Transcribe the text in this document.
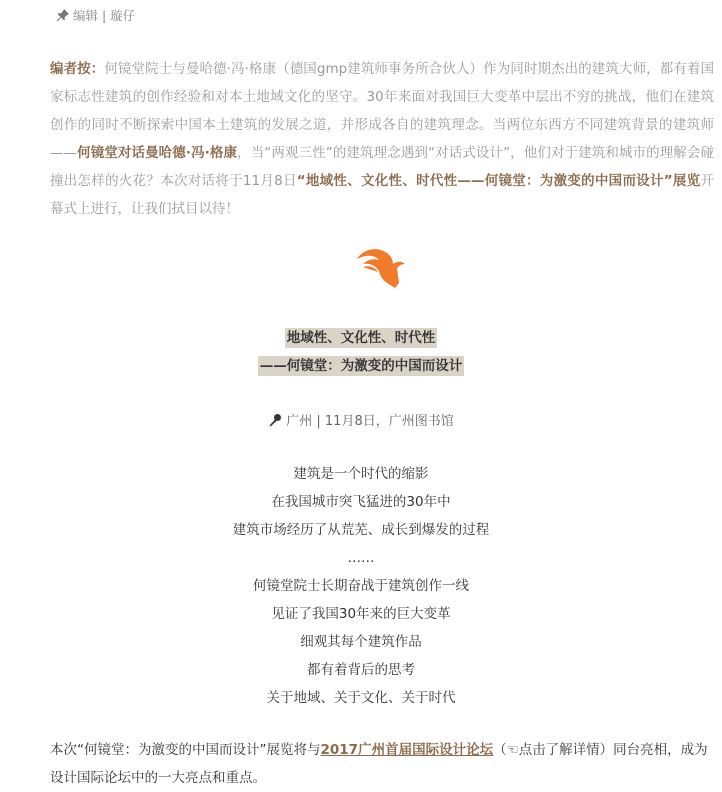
编辑 | 璇仔
编者按：何镜堂院士与曼哈德·冯·格康（德国gmp建筑师事务所合伙人）作为同时期杰出的建筑大师，都有着国家标志性建筑的创作经验和对本土地域文化的坚守。30年来面对我国巨大变革中层出不穷的挑战，他们在建筑创作的同时不断探索中国本土建筑的发展之道，并形成各自的建筑理念。当两位东西方不同建筑背景的建筑师——何镜堂对话曼哈德·冯·格康，当“两观三性”的建筑理念遇到“对话式设计”，他们对于建筑和城市的理解会碰撞出怎样的火花？本次对话将于11月8日“地域性、文化性、时代性——何镜堂：为激变的中国而设计”展览开幕式上进行，让我们拭目以待！
地域性、文化性、时代性
——何镜堂：为激变的中国而设计
广州 | 11月8日，广州图书馆
建筑是一个时代的缩影
在我国城市突飞猛进的30年中
建筑市场经历了从荒芜、成长到爆发的过程
……
何镜堂院士长期奋战于建筑创作一线
见证了我国30年来的巨大变革
细观其每个建筑作品
都有着背后的思考
关于地域、关于文化、关于时代
本次“何镜堂：为激变的中国而设计”展览将与2017广州首届国际设计论坛（☜点击了解详情）同台亮相，成为设计国际论坛中的一大亮点和重点。
